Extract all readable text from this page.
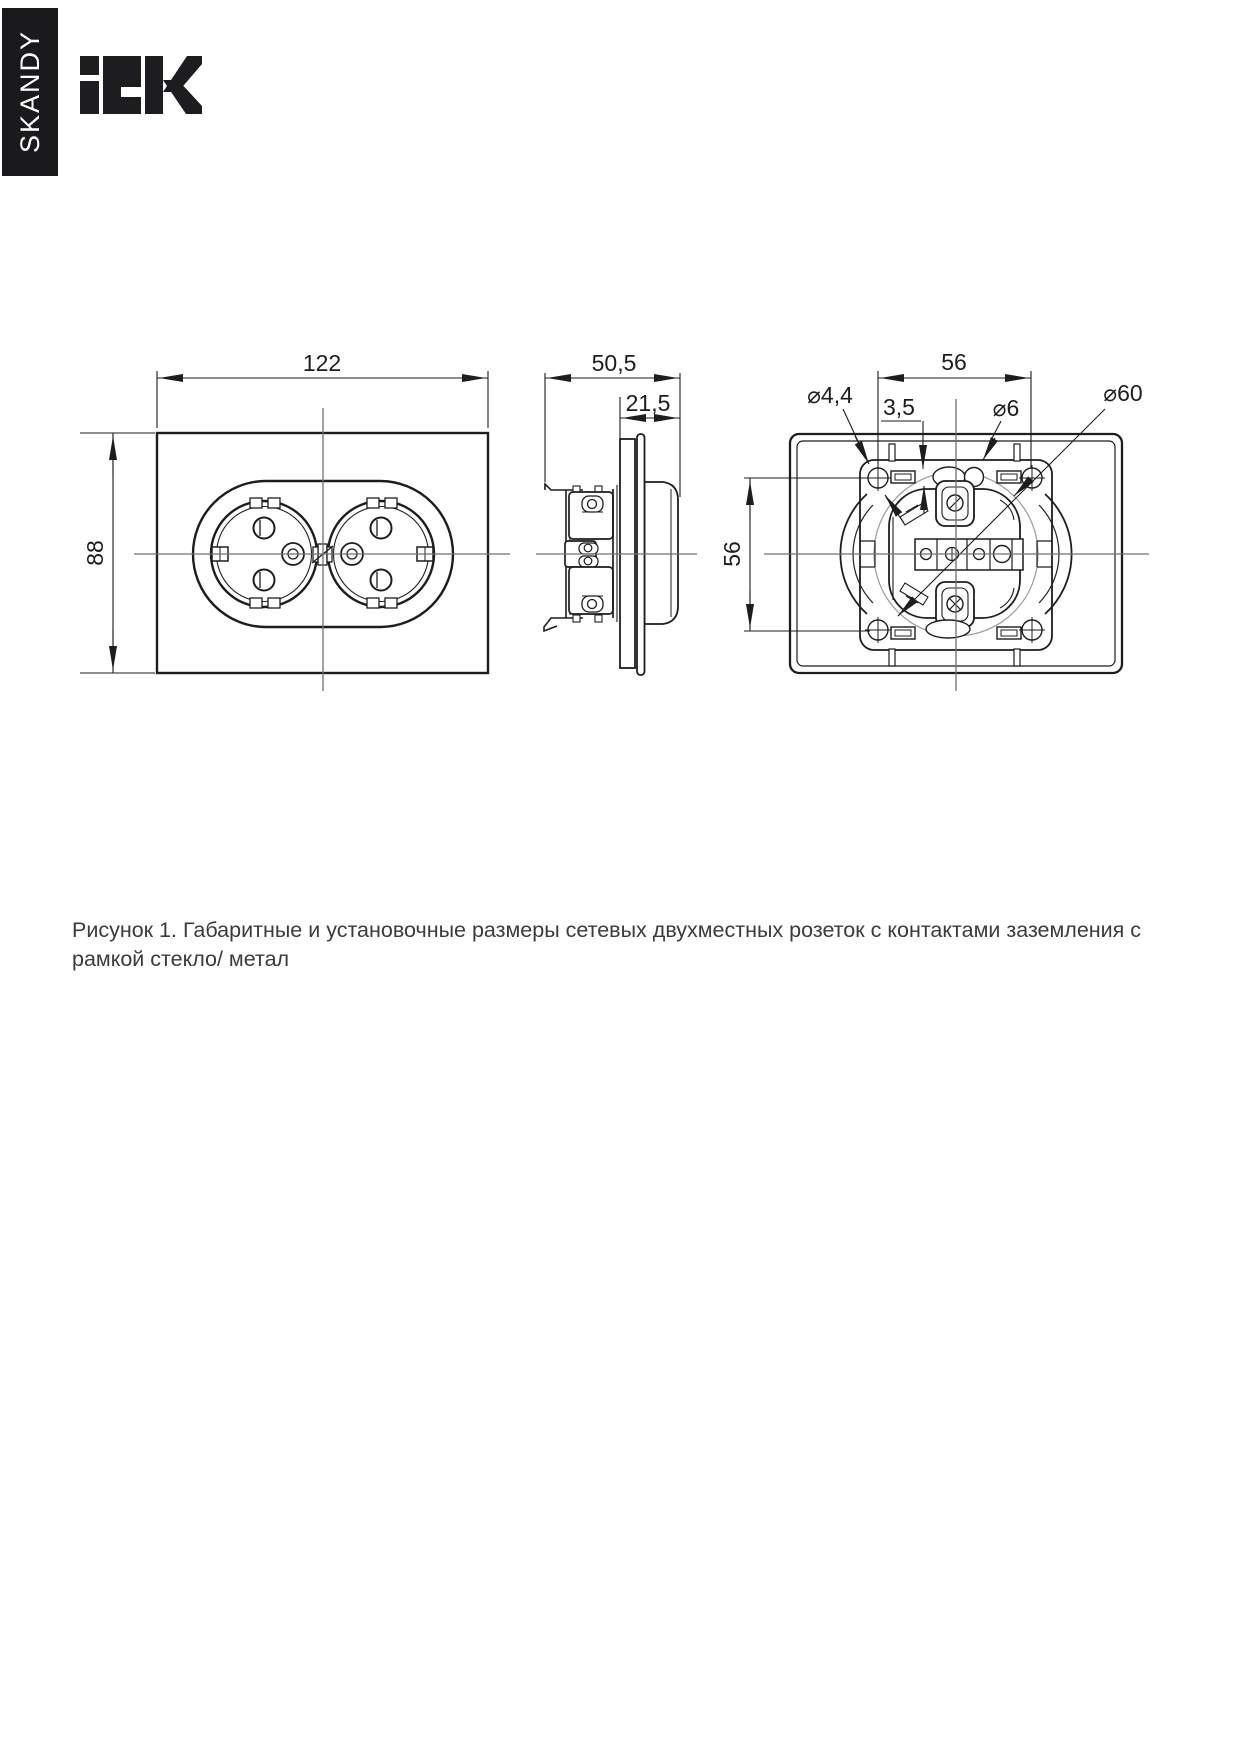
SKANDY
122
88
50,5
21,5
56
56
⌀4,4 3,5	⌀6
⌀60
Рисунок 1. Габаритные и установочные размеры сетевых двухместных розеток с контактами заземления с
рамкой стекло/ метал
